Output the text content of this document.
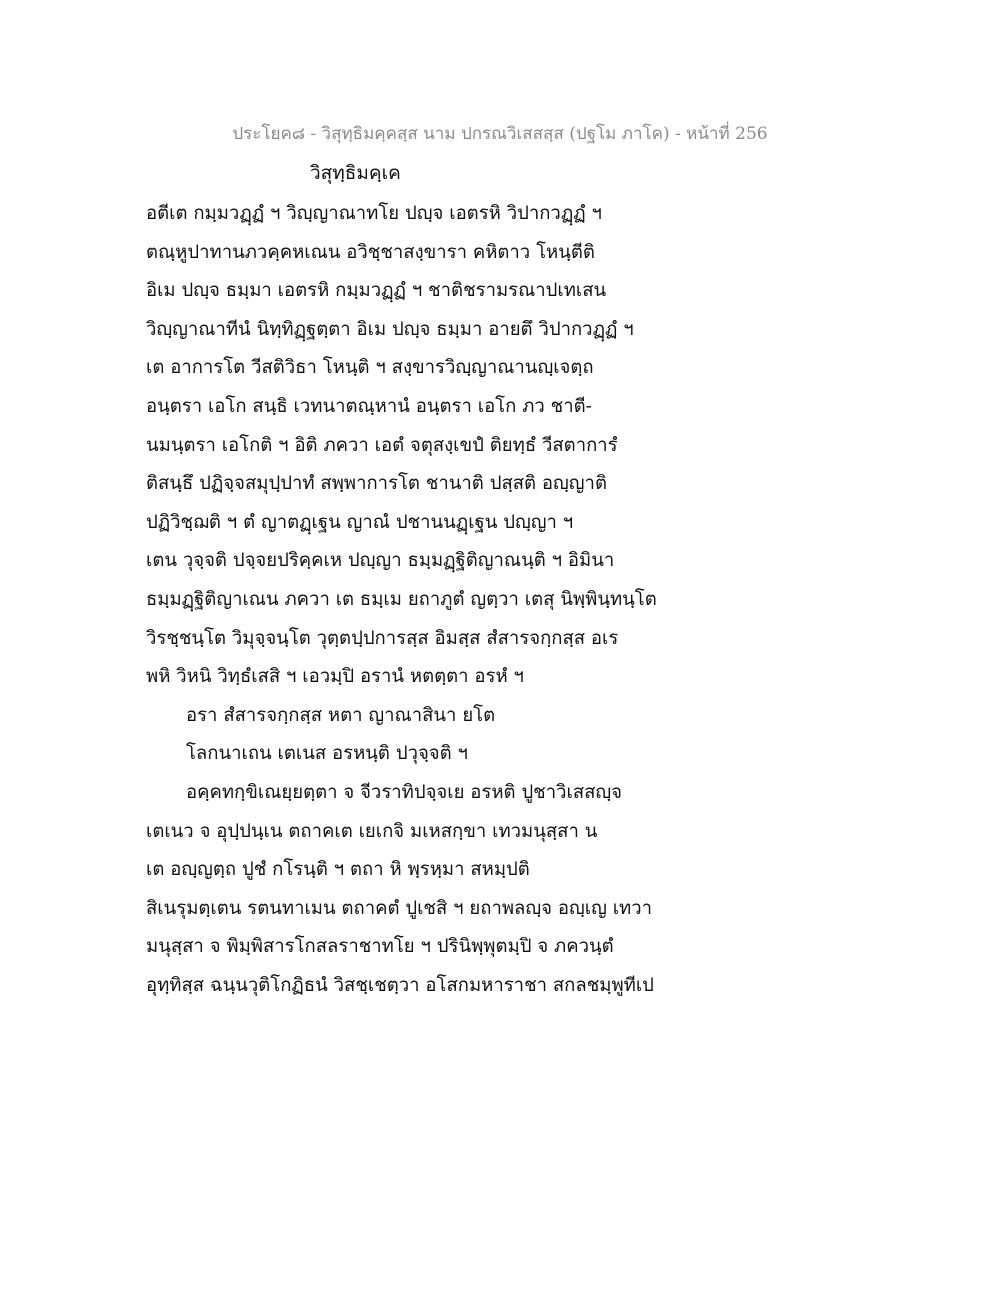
ประโยค๘ - วิสุทฺธิมคฺคสฺส นาม ปกรณวิเสสสฺส (ปฐโม ภาโค) - หน้าที่ 256
วิสุทฺธิมคฺเค
อตีเต กมฺมวฏฺฏํ ฯ วิญฺญาณาทโย ปญฺจ เอตรหิ วิปากวฏฺฏํ ฯ
ตณฺหูปาทานภวคฺคหเณน อวิชฺชาสงฺขารา คหิตาว โหนฺตีติ
อิเม ปญฺจ ธมฺมา เอตรหิ กมฺมวฏฺฏํ ฯ ชาติชรามรณาปเทเสน
วิญฺญาณาทีนํ นิทฺทิฏฺฐตฺตา อิเม ปญฺจ ธมฺมา อายตึ วิปากวฏฺฏํ ฯ
เต อาการโต วีสติวิธา โหนฺติ ฯ สงฺขารวิญฺญาณานญฺเจตฺถ
อนฺตรา เอโก สนฺธิ เวทนาตณฺหานํ อนฺตรา เอโก ภว ชาตี-
นมนฺตรา เอโกติ ฯ อิติ ภควา เอตํ จตุสงฺเขปํ ติยทฺธํ วีสตาการํ
ติสนฺธึ ปฏิจฺจสมุปฺปาทํ สพฺพาการโต ชานาติ ปสฺสติ อญฺญาติ
ปฏิวิชฺฌติ ฯ ตํ ญาตฏฺเฐน ญาณํ ปชานนฏฺเฐน ปญฺญา ฯ
เตน วุจฺจติ ปจฺจยปริคฺคเห ปญฺญา ธมฺมฏฺฐิติญาณนฺติ ฯ อิมินา
ธมฺมฏฺฐิติญาเณน ภควา เต ธมฺเม ยถาภูตํ ญตฺวา เตสุ นิพฺพินฺทนฺโต
วิรชฺชนฺโต วิมุจฺจนฺโต วุตฺตปฺปการสฺส อิมสฺส สํสารจกฺกสฺส อเร
พหิ วิหนิ วิทฺธํเสสิ ฯ เอวมฺปิ อรานํ หตตฺตา อรหํ ฯ
อรา สํสารจกฺกสฺส หตา ญาณาสินา ยโต
โลกนาเถน เตเนส อรหนฺติ ปวุจฺจติ ฯ
อคฺคทกฺขิเณยฺยตฺตา จ จีวราทิปจฺจเย อรหติ ปูชาวิเสสญฺจ
เตเนว จ อุปฺปนฺเน ตถาคเต เยเกจิ มเหสกฺขา เทวมนุสฺสา น
เต อญฺญตฺถ ปูชํ กโรนฺติ ฯ ตถา หิ พฺรหฺมา สหมฺปติ
สิเนรุมตฺเตน รตนทาเมน ตถาคตํ ปูเชสิ ฯ ยถาพลญฺจ อญฺเญ เทวา
มนุสฺสา จ พิมฺพิสารโกสลราชาทโย ฯ ปรินิพฺพุตมฺปิ จ ภควนฺตํ
อุทฺทิสฺส ฉนฺนวุติโกฏิธนํ วิสชฺเชตฺวา อโสกมหาราชา สกลชมฺพูทีเป
